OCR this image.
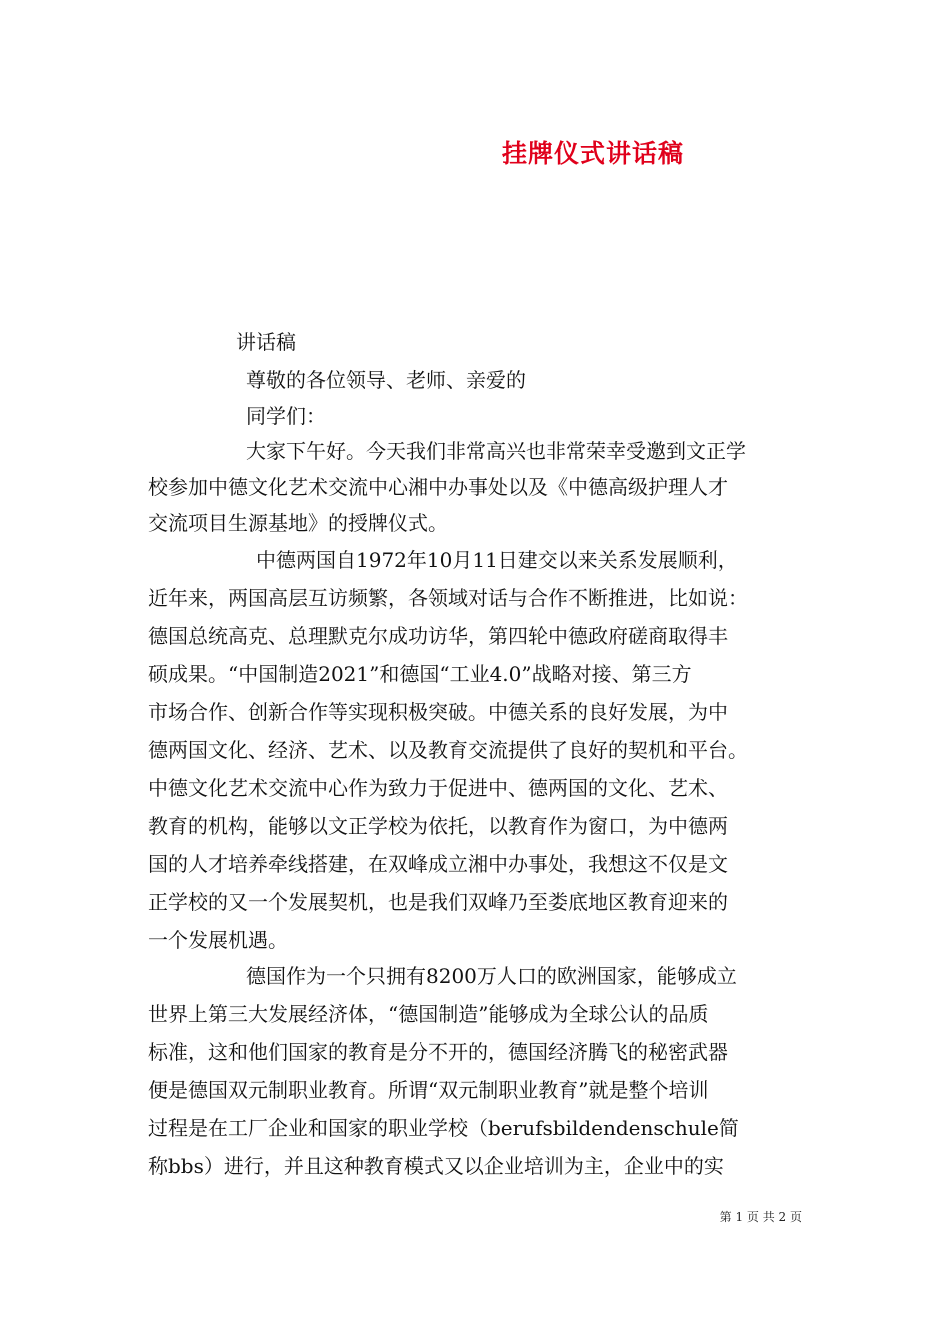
挂牌仪式讲话稿
讲话稿
尊敬的各位领导、老师、亲爱的
同学们：
大家下午好。今天我们非常高兴也非常荣幸受邀到文正学
校参加中德文化艺术交流中心湘中办事处以及《中德高级护理人才
交流项目生源基地》的授牌仪式。
中德两国自1972年10月11日建交以来关系发展顺利，
近年来，两国高层互访频繁，各领域对话与合作不断推进，比如说：
德国总统高克、总理默克尔成功访华，第四轮中德政府磋商取得丰
硕成果。“中国制造2021”和德国“工业4.0”战略对接、第三方
市场合作、创新合作等实现积极突破。中德关系的良好发展，为中
德两国文化、经济、艺术、以及教育交流提供了良好的契机和平台。
中德文化艺术交流中心作为致力于促进中、德两国的文化、艺术、
教育的机构，能够以文正学校为依托，以教育作为窗口，为中德两
国的人才培养牵线搭建，在双峰成立湘中办事处，我想这不仅是文
正学校的又一个发展契机，也是我们双峰乃至娄底地区教育迎来的
一个发展机遇。
德国作为一个只拥有8200万人口的欧洲国家，能够成立
世界上第三大发展经济体，“德国制造”能够成为全球公认的品质
标准，这和他们国家的教育是分不开的，德国经济腾飞的秘密武器
便是德国双元制职业教育。所谓“双元制职业教育”就是整个培训
过程是在工厂企业和国家的职业学校（berufsbildendenschule简
称bbs）进行，并且这种教育模式又以企业培训为主，企业中的实
第 1 页 共 2 页
